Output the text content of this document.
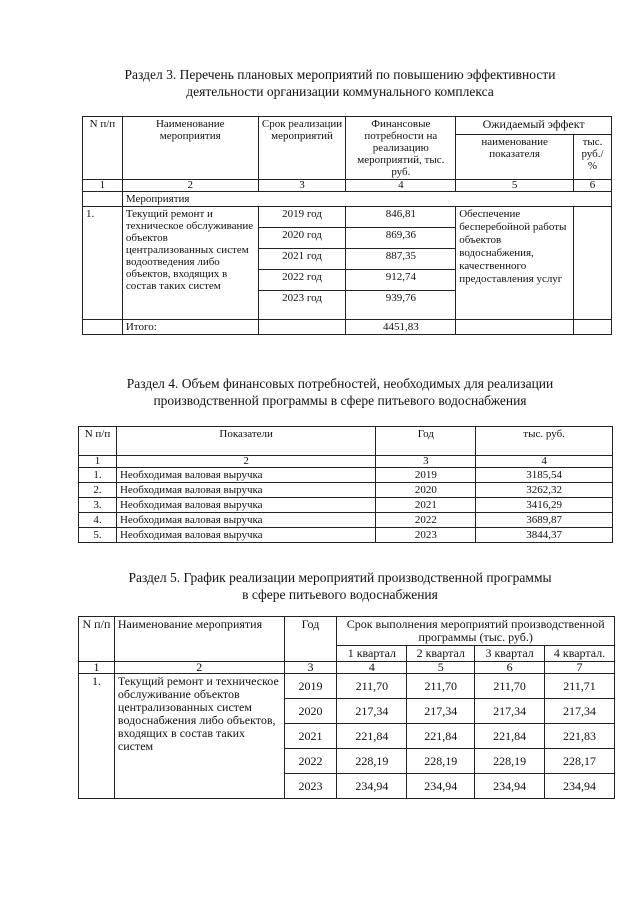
Раздел 3. Перечень плановых мероприятий по повышению эффективности
деятельности организации коммунального комплекса
N п/п	Наименование мероприятия	Срок реализации мероприятий	Финансовые потребности на реализацию мероприятий, тыс. руб.	Ожидаемый эффект	
				наименование показателя	тыс. руб./ %
1	2	3	4	5	6
	Мероприятия				
1.	Текущий ремонт и техническое обслуживание объектов централизованных систем водоотведения либо объектов, входящих в состав таких систем	2019 год	846,81	Обеспечение бесперебойной работы объектов водоснабжения, качественного предоставления услуг	
		2020 год	869,36		
		2021 год	887,35		
		2022 год	912,74		
		2023 год	939,76		
	Итого:		4451,83		
Раздел 4. Объем финансовых потребностей, необходимых для реализации
производственной программы в сфере питьевого водоснабжения
N п/п	Показатели	Год	тыс. руб.
1	2	3	4
1.	Необходимая валовая выручка	2019	3185,54
2.	Необходимая валовая выручка	2020	3262,32
3.	Необходимая валовая выручка	2021	3416,29
4.	Необходимая валовая выручка	2022	3689,87
5.	Необходимая валовая выручка	2023	3844,37
Раздел 5. График реализации мероприятий производственной программы
в сфере питьевого водоснабжения
N п/п	Наименование мероприятия	Год	Срок выполнения мероприятий производственной программы (тыс. руб.)			
			1 квартал	2 квартал	3 квартал	4 квартал.
1	2	3	4	5	6	7
1.	Текущий ремонт и техническое обслуживание объектов централизованных систем водоснабжения либо объектов, входящих в состав таких систем	2019	211,70	211,70	211,70	211,71
		2020	217,34	217,34	217,34	217,34
		2021	221,84	221,84	221,84	221,83
		2022	228,19	228,19	228,19	228,17
		2023	234,94	234,94	234,94	234,94
